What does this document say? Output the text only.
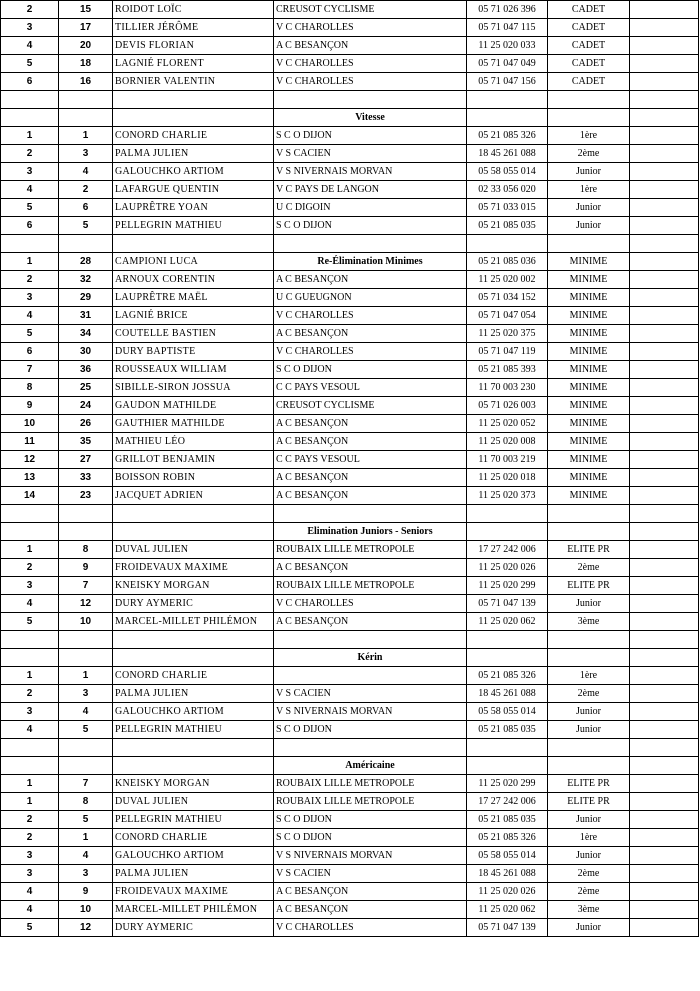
2	15	ROIDOT LOÏC	CREUSOT CYCLISME	05 71 026 396	CADET	
3	17	TILLIER JÉRÔME	V C CHAROLLES	05 71 047 115	CADET	
4	20	DEVIS FLORIAN	A C BESANÇON	11 25 020 033	CADET	
5	18	LAGNIÉ FLORENT	V C CHAROLLES	05 71 047 049	CADET	
6	16	BORNIER VALENTIN	V C CHAROLLES	05 71 047 156	CADET	

			Vitesse			
1	1	CONORD CHARLIE	S C O DIJON	05 21 085 326	1ère	
2	3	PALMA JULIEN	V S CACIEN	18 45 261 088	2ème	
3	4	GALOUCHKO ARTIOM	V S NIVERNAIS MORVAN	05 58 055 014	Junior	
4	2	LAFARGUE QUENTIN	V C PAYS DE LANGON	02 33 056 020	1ère	
5	6	LAUPRÊTRE YOAN	U C DIGOIN	05 71 033 015	Junior	
6	5	PELLEGRIN MATHIEU	S C O DIJON	05 21 085 035	Junior	

1	28	CAMPIONI LUCA	Re-Élimination Minimes	05 21 085 036	MINIME	
2	32	ARNOUX CORENTIN	A C BESANÇON	11 25 020 002	MINIME	
3	29	LAUPRÊTRE MAËL	U C GUEUGNON	05 71 034 152	MINIME	
4	31	LAGNIÉ BRICE	V C CHAROLLES	05 71 047 054	MINIME	
5	34	COUTELLE BASTIEN	A C BESANÇON	11 25 020 375	MINIME	
6	30	DURY BAPTISTE	V C CHAROLLES	05 71 047 119	MINIME	
7	36	ROUSSEAUX WILLIAM	S C O DIJON	05 21 085 393	MINIME	
8	25	SIBILLE-SIRON JOSSUA	C C PAYS VESOUL	11 70 003 230	MINIME	
9	24	GAUDON MATHILDE	CREUSOT CYCLISME	05 71 026 003	MINIME	
10	26	GAUTHIER MATHILDE	A C BESANÇON	11 25 020 052	MINIME	
11	35	MATHIEU LÉO	A C BESANÇON	11 25 020 008	MINIME	
12	27	GRILLOT BENJAMIN	C C PAYS VESOUL	11 70 003 219	MINIME	
13	33	BOISSON ROBIN	A C BESANÇON	11 25 020 018	MINIME	
14	23	JACQUET ADRIEN	A C BESANÇON	11 25 020 373	MINIME	

			Elimination Juniors - Seniors			
1	8	DUVAL JULIEN	ROUBAIX LILLE METROPOLE	17 27 242 006	ELITE PR	
2	9	FROIDEVAUX MAXIME	A C BESANÇON	11 25 020 026	2ème	
3	7	KNEISKY MORGAN	ROUBAIX LILLE METROPOLE	11 25 020 299	ELITE PR	
4	12	DURY AYMERIC	V C CHAROLLES	05 71 047 139	Junior	
5	10	MARCEL-MILLET PHILÉMON	A C BESANÇON	11 25 020 062	3ème	

			Kérin			
1	1	CONORD CHARLIE		05 21 085 326	1ère	
2	3	PALMA JULIEN	V S CACIEN	18 45 261 088	2ème	
3	4	GALOUCHKO ARTIOM	V S NIVERNAIS MORVAN	05 58 055 014	Junior	
4	5	PELLEGRIN MATHIEU	S C O DIJON	05 21 085 035	Junior	

			Américaine			
1	7	KNEISKY MORGAN	ROUBAIX LILLE METROPOLE	11 25 020 299	ELITE PR	
1	8	DUVAL JULIEN	ROUBAIX LILLE METROPOLE	17 27 242 006	ELITE PR	
2	5	PELLEGRIN MATHIEU	S C O DIJON	05 21 085 035	Junior	
2	1	CONORD CHARLIE	S C O DIJON	05 21 085 326	1ère	
3	4	GALOUCHKO ARTIOM	V S NIVERNAIS MORVAN	05 58 055 014	Junior	
3	3	PALMA JULIEN	V S CACIEN	18 45 261 088	2ème	
4	9	FROIDEVAUX MAXIME	A C BESANÇON	11 25 020 026	2ème	
4	10	MARCEL-MILLET PHILÉMON	A C BESANÇON	11 25 020 062	3ème	
5	12	DURY AYMERIC	V C CHAROLLES	05 71 047 139	Junior	
